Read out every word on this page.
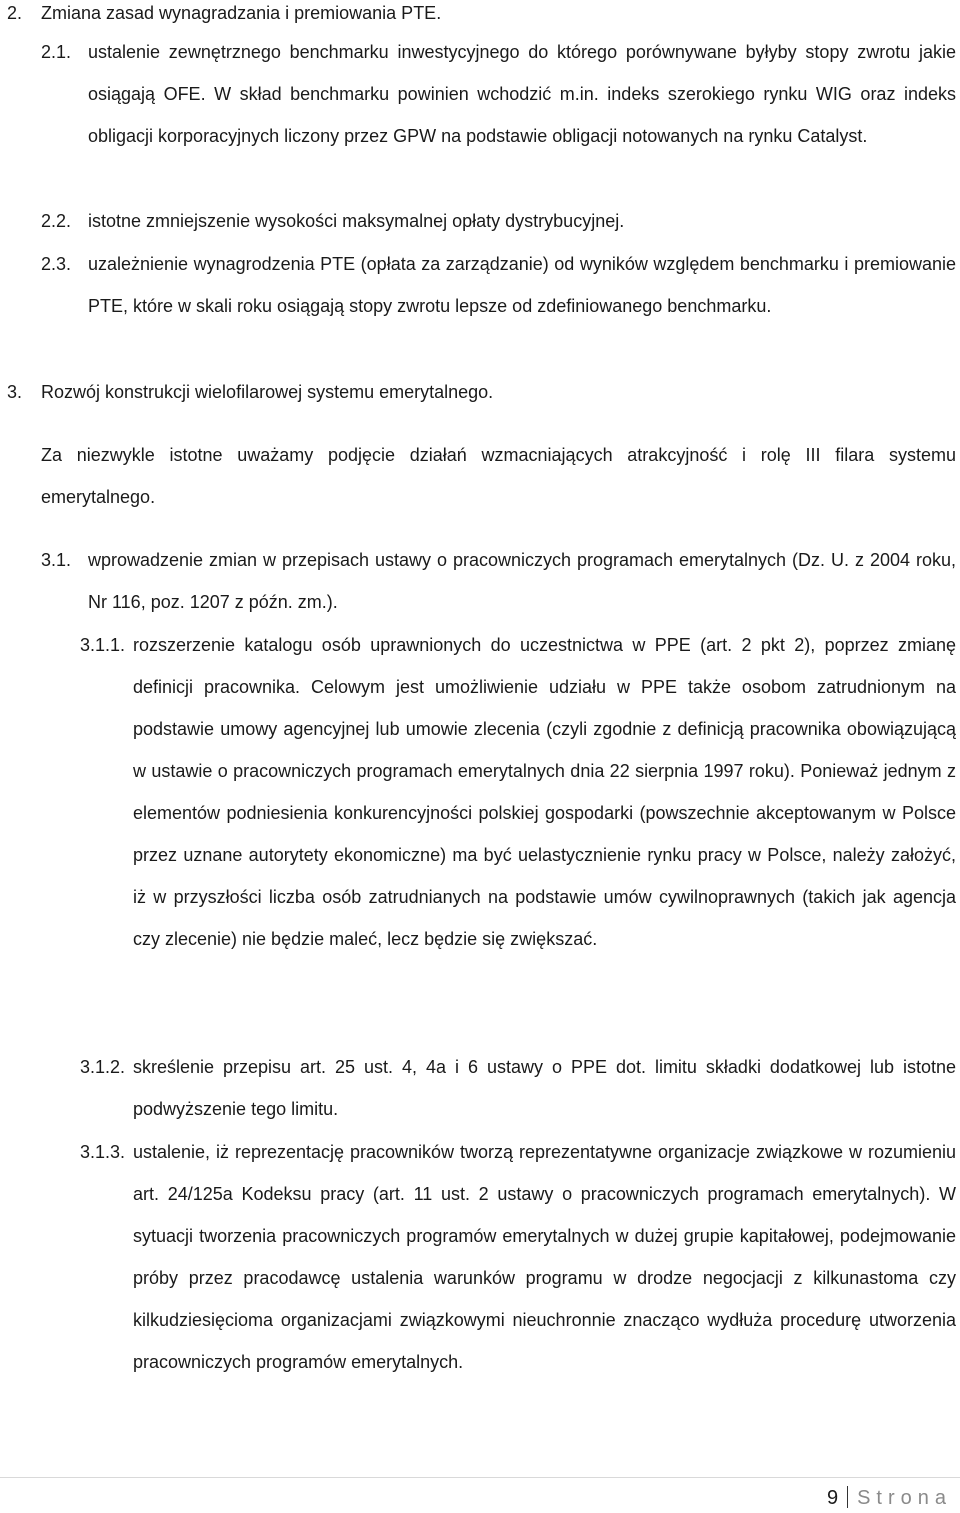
2. Zmiana zasad wynagradzania i premiowania PTE.
2.1. ustalenie zewnętrznego benchmarku inwestycyjnego do którego porównywane byłyby stopy zwrotu jakie osiągają OFE. W skład benchmarku powinien wchodzić m.in. indeks szerokiego rynku WIG oraz indeks obligacji korporacyjnych liczony przez GPW na podstawie obligacji notowanych na rynku Catalyst.
2.2. istotne zmniejszenie wysokości maksymalnej opłaty dystrybucyjnej.
2.3. uzależnienie wynagrodzenia PTE (opłata za zarządzanie) od wyników względem benchmarku i premiowanie PTE, które w skali roku osiągają stopy zwrotu lepsze od zdefiniowanego benchmarku.
3. Rozwój konstrukcji wielofilarowej systemu emerytalnego.

Za niezwykle istotne uważamy podjęcie działań wzmacniających atrakcyjność i rolę III filara systemu emerytalnego.

3.1. wprowadzenie zmian w przepisach ustawy o pracowniczych programach emerytalnych (Dz. U. z 2004 roku, Nr 116, poz. 1207 z późn. zm.).
3.1.1. rozszerzenie katalogu osób uprawnionych do uczestnictwa w PPE (art. 2 pkt 2), poprzez zmianę definicji pracownika. Celowym jest umożliwienie udziału w PPE także osobom zatrudnionym na podstawie umowy agencyjnej lub umowie zlecenia (czyli zgodnie z definicją pracownika obowiązującą w ustawie o pracowniczych programach emerytalnych dnia 22 sierpnia 1997 roku). Ponieważ jednym z elementów podniesienia konkurencyjności polskiej gospodarki (powszechnie akceptowanym w Polsce przez uznane autorytety ekonomiczne) ma być uelastycznienie rynku pracy w Polsce, należy założyć, iż w przyszłości liczba osób zatrudnianych na podstawie umów cywilnoprawnych (takich jak agencja czy zlecenie) nie będzie maleć, lecz będzie się zwiększać.
3.1.2. skreślenie przepisu art. 25 ust. 4, 4a i 6 ustawy o PPE dot. limitu składki dodatkowej lub istotne podwyższenie tego limitu.
3.1.3. ustalenie, iż reprezentację pracowników tworzą reprezentatywne organizacje związkowe w rozumieniu art. 24/125a Kodeksu pracy (art. 11 ust. 2 ustawy o pracowniczych programach emerytalnych). W sytuacji tworzenia pracowniczych programów emerytalnych w dużej grupie kapitałowej, podejmowanie próby przez pracodawcę ustalenia warunków programu w drodze negocjacji z kilkunastoma czy kilkudziesięcioma organizacjami związkowymi nieuchronnie znacząco wydłuża procedurę utworzenia pracowniczych programów emerytalnych.
9 Strona
